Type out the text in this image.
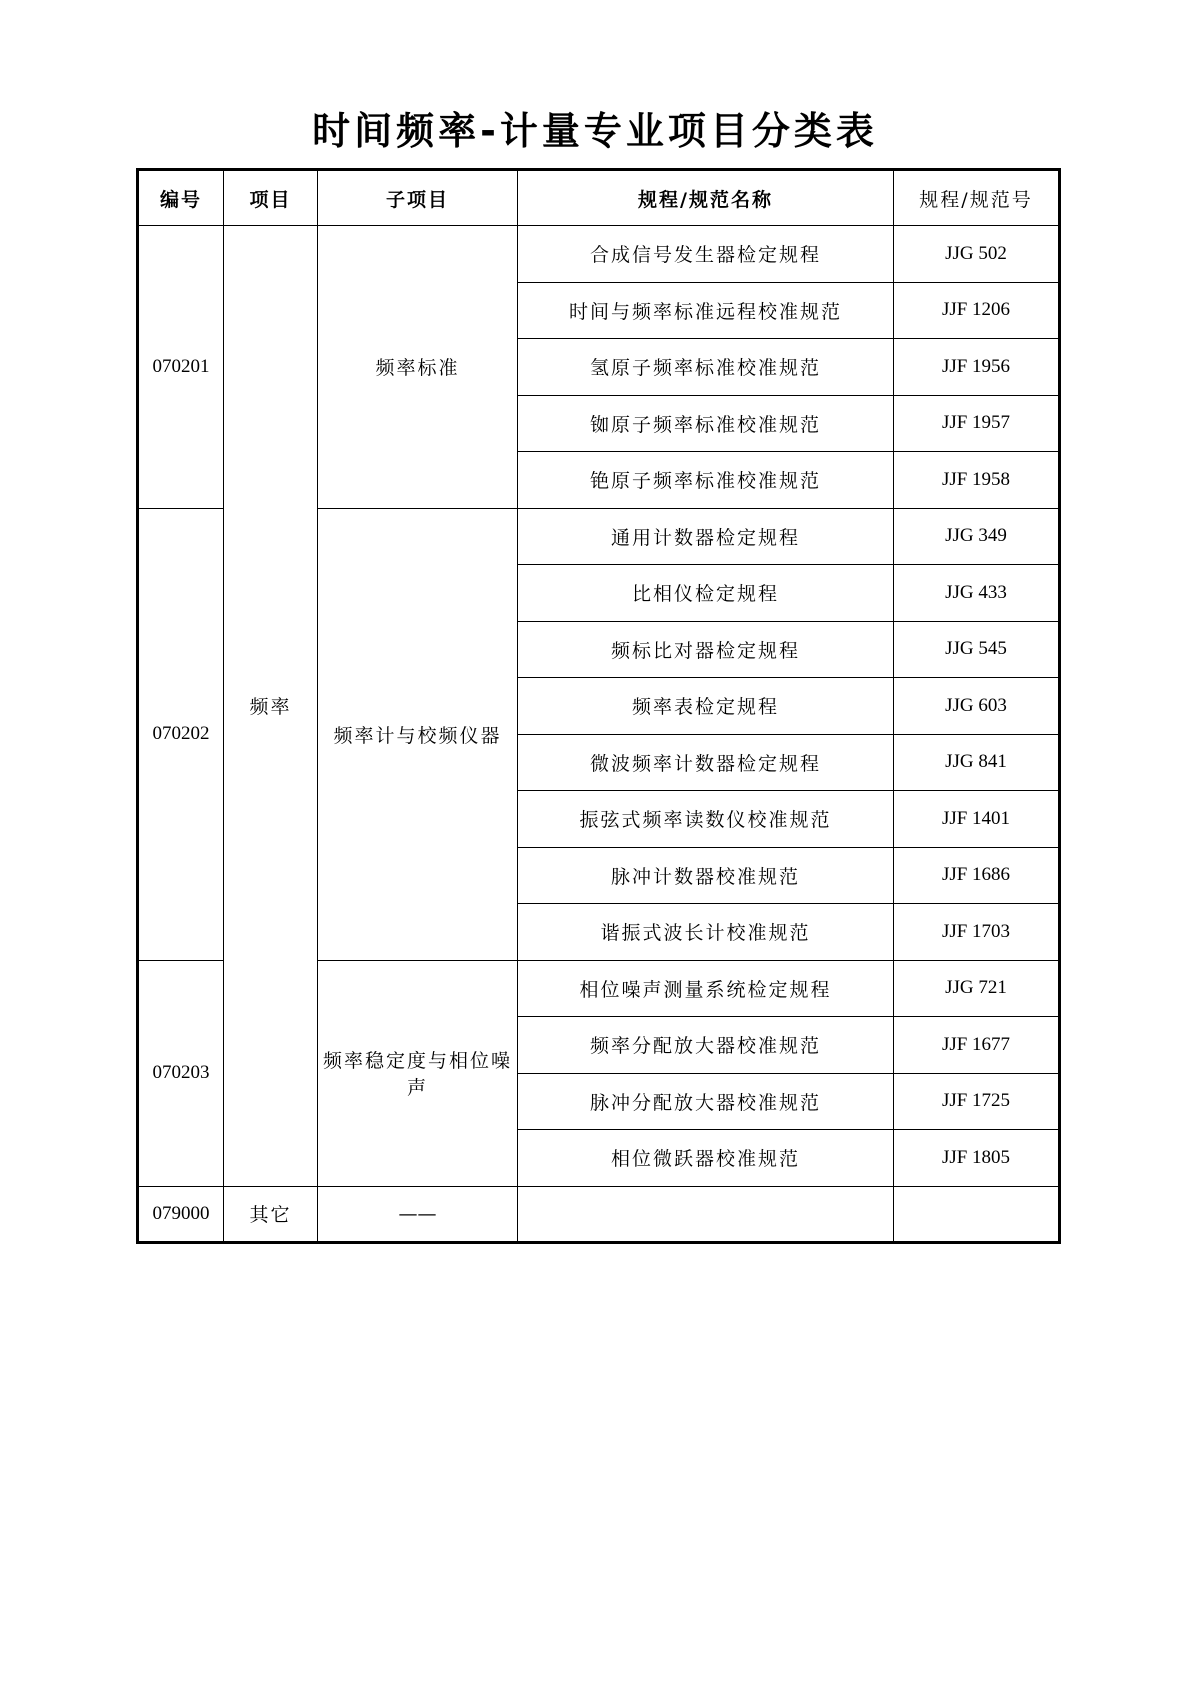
时间频率-计量专业项目分类表
编号	项目	子项目	规程/规范名称	规程/规范号
070201	频率	频率标准	合成信号发生器检定规程	JJG 502
			时间与频率标准远程校准规范	JJF 1206
			氢原子频率标准校准规范	JJF 1956
			铷原子频率标准校准规范	JJF 1957
			铯原子频率标准校准规范	JJF 1958
070202		频率计与校频仪器	通用计数器检定规程	JJG 349
			比相仪检定规程	JJG 433
			频标比对器检定规程	JJG 545
			频率表检定规程	JJG 603
			微波频率计数器检定规程	JJG 841
			振弦式频率读数仪校准规范	JJF 1401
			脉冲计数器校准规范	JJF 1686
			谐振式波长计校准规范	JJF 1703
070203		频率稳定度与相位噪声	相位噪声测量系统检定规程	JJG 721
			频率分配放大器校准规范	JJF 1677
			脉冲分配放大器校准规范	JJF 1725
			相位微跃器校准规范	JJF 1805
079000	其它	——		
